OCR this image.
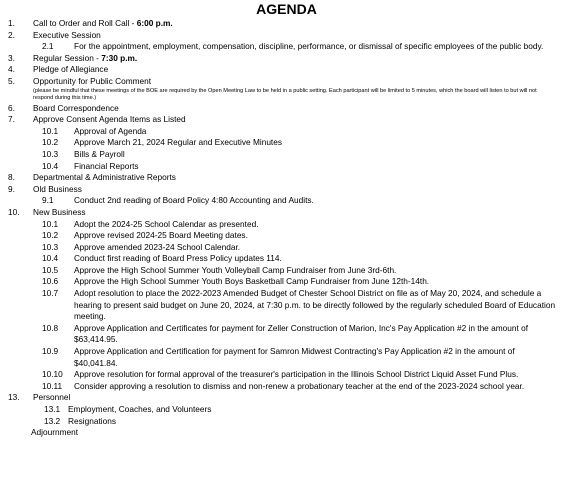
AGENDA
1. Call to Order and Roll Call - 6:00 p.m.
2. Executive Session
2.1 For the appointment, employment, compensation, discipline, performance, or dismissal of specific employees of the public body.
3. Regular Session - 7:30 p.m.
4. Pledge of Allegiance
5. Opportunity for Public Comment
(please be mindful that these meetings of the BOE are required by the Open Meeting Law to be held in a public setting. Each participant will be limited to 5 minutes, which the board will listen to but will not respond during this time.)
6. Board Correspondence
7. Approve Consent Agenda Items as Listed
10.1 Approval of Agenda
10.2 Approve March 21, 2024 Regular and Executive Minutes
10.3 Bills & Payroll
10.4 Financial Reports
8. Departmental & Administrative Reports
9. Old Business
9.1 Conduct 2nd reading of Board Policy 4:80 Accounting and Audits.
10. New Business
10.1 Adopt the 2024-25 School Calendar as presented.
10.2 Approve revised 2024-25 Board Meeting dates.
10.3 Approve amended 2023-24 School Calendar.
10.4 Conduct first reading of Board Press Policy updates 114.
10.5 Approve the High School Summer Youth Volleyball Camp Fundraiser from June 3rd-6th.
10.6 Approve the High School Summer Youth Boys Basketball Camp Fundraiser from June 12th-14th.
10.7 Adopt resolution to place the 2022-2023 Amended Budget of Chester School District on file as of May 20, 2024, and schedule a hearing to present said budget on June 20, 2024, at 7:30 p.m. to be directly followed by the regularly scheduled Board of Education meeting.
10.8 Approve Application and Certificates for payment for Zeller Construction of Marion, Inc's Pay Application #2 in the amount of $63,414.95.
10.9 Approve Application and Certification for payment for Samron Midwest Contracting's Pay Application #2 in the amount of $40,041.84.
10.10 Approve resolution for formal approval of the treasurer's participation in the Illinois School District Liquid Asset Fund Plus.
10.11 Consider approving a resolution to dismiss and non-renew a probationary teacher at the end of the 2023-2024 school year.
13. Personnel
13.1 Employment, Coaches, and Volunteers
13.2 Resignations
Adjournment
